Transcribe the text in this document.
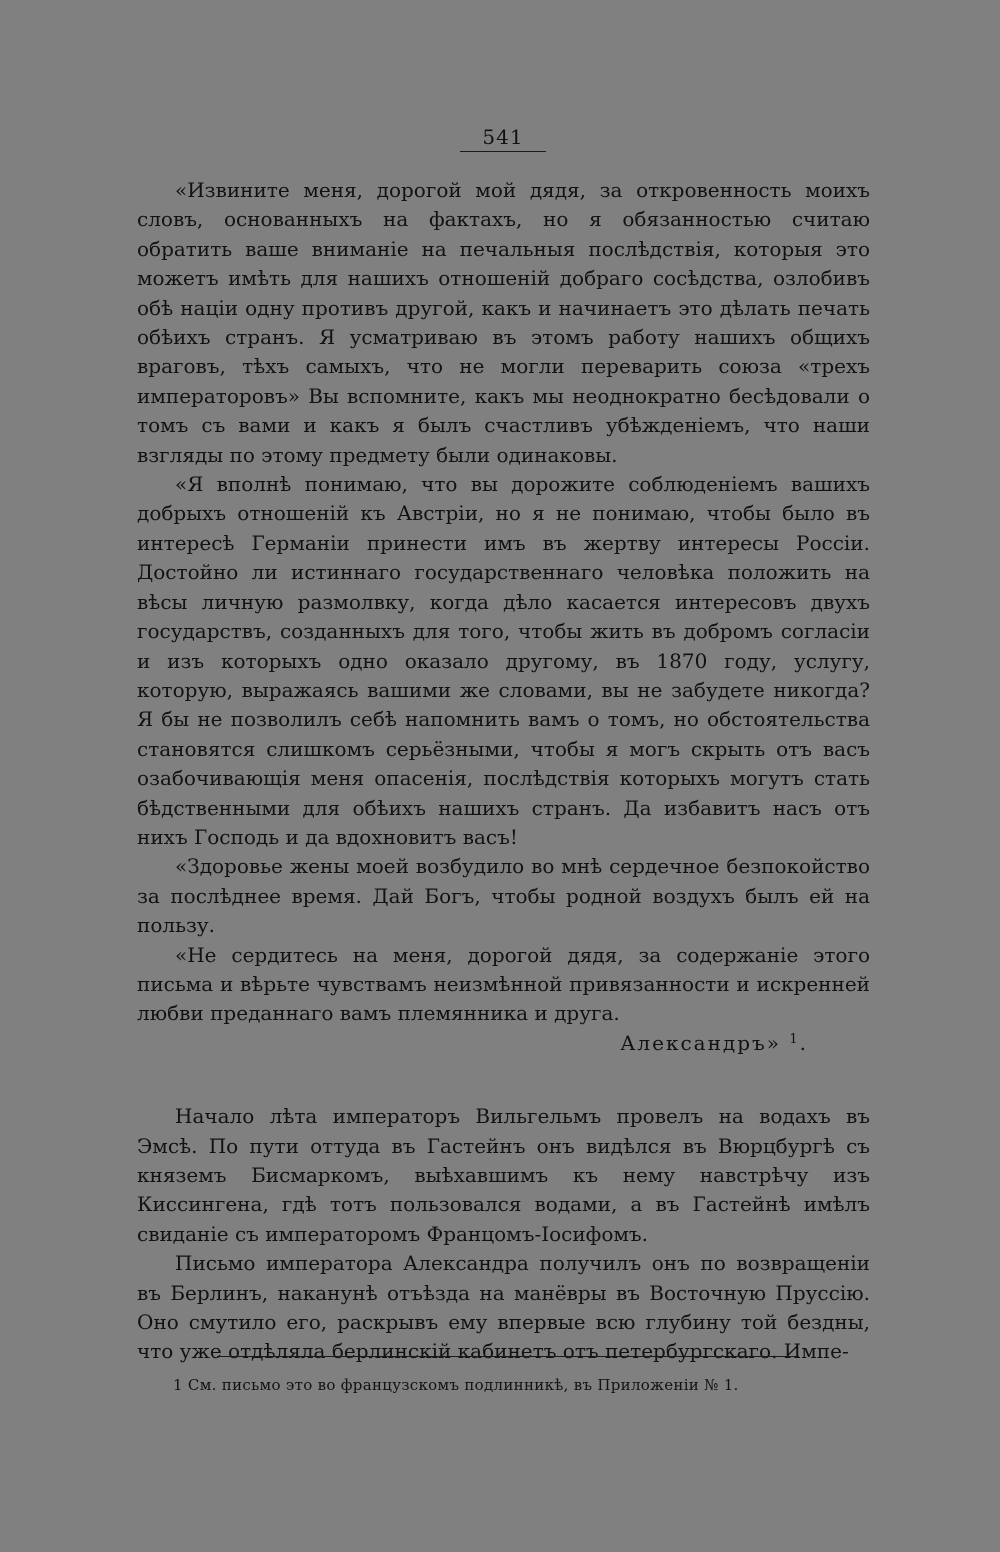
541

«Извините меня, дорогой мой дядя, за откровенность моихъ словъ, основанныхъ на фактахъ, но я обязанностью считаю обратить ваше вниманіе на печальныя послѣдствія, которыя это можетъ имѣть для нашихъ отношеній добраго сосѣдства, озлобивъ обѣ націи одну противъ другой, какъ и начинаетъ это дѣлать печать обѣихъ странъ. Я усматриваю въ этомъ работу нашихъ общихъ враговъ, тѣхъ самыхъ, что не могли переварить союза «трехъ императоровъ» Вы вспомните, какъ мы неоднократно бесѣдовали о томъ съ вами и какъ я былъ счастливъ убѣжденіемъ, что наши взгляды по этому предмету были одинаковы.

«Я вполнѣ понимаю, что вы дорожите соблюденіемъ вашихъ добрыхъ отношеній къ Австріи, но я не понимаю, чтобы было въ интересѣ Германіи принести имъ въ жертву интересы Россіи. Достойно ли истиннаго государственнаго человѣка положить на вѣсы личную размолвку, когда дѣло касается интересовъ двухъ государствъ, созданныхъ для того, чтобы жить въ добромъ согласіи и изъ которыхъ одно оказало другому, въ 1870 году, услугу, которую, выражаясь вашими же словами, вы не забудете никогда? Я бы не позволилъ себѣ напомнить вамъ о томъ, но обстоятельства становятся слишкомъ серьёзными, чтобы я могъ скрыть отъ васъ озабочивающія меня опасенія, послѣдствія которыхъ могутъ стать бѣдственными для обѣихъ нашихъ странъ. Да избавитъ насъ отъ нихъ Господь и да вдохновитъ васъ!

«Здоровье жены моей возбудило во мнѣ сердечное безпокойство за послѣднее время. Дай Богъ, чтобы родной воздухъ былъ ей на пользу.

«Не сердитесь на меня, дорогой дядя, за содержаніе этого письма и вѣрьте чувствамъ неизмѣнной привязанности и искренней любви преданнаго вамъ племянника и друга.

Александръ» $^1$.

Начало лѣта императоръ Вильгельмъ провелъ на водахъ въ Эмсѣ. По пути оттуда въ Гастейнъ онъ видѣлся въ Вюрцбургѣ съ княземъ Бисмаркомъ, выѣхавшимъ къ нему навстрѣчу изъ Киссингена, гдѣ тотъ пользовался водами, а въ Гастейнѣ имѣлъ свиданіе съ императоромъ Францомъ-Іосифомъ.

Письмо императора Александра получилъ онъ по возвращеніи въ Берлинъ, наканунѣ отъѣзда на манёвры въ Восточную Пруссію. Оно смутило его, раскрывъ ему впервые всю глубину той бездны, что уже отдѣляла берлинскій кабинетъ отъ петербургскаго. Импе-

1 См. письмо это во французскомъ подлинникѣ, въ Приложеніи № 1.
